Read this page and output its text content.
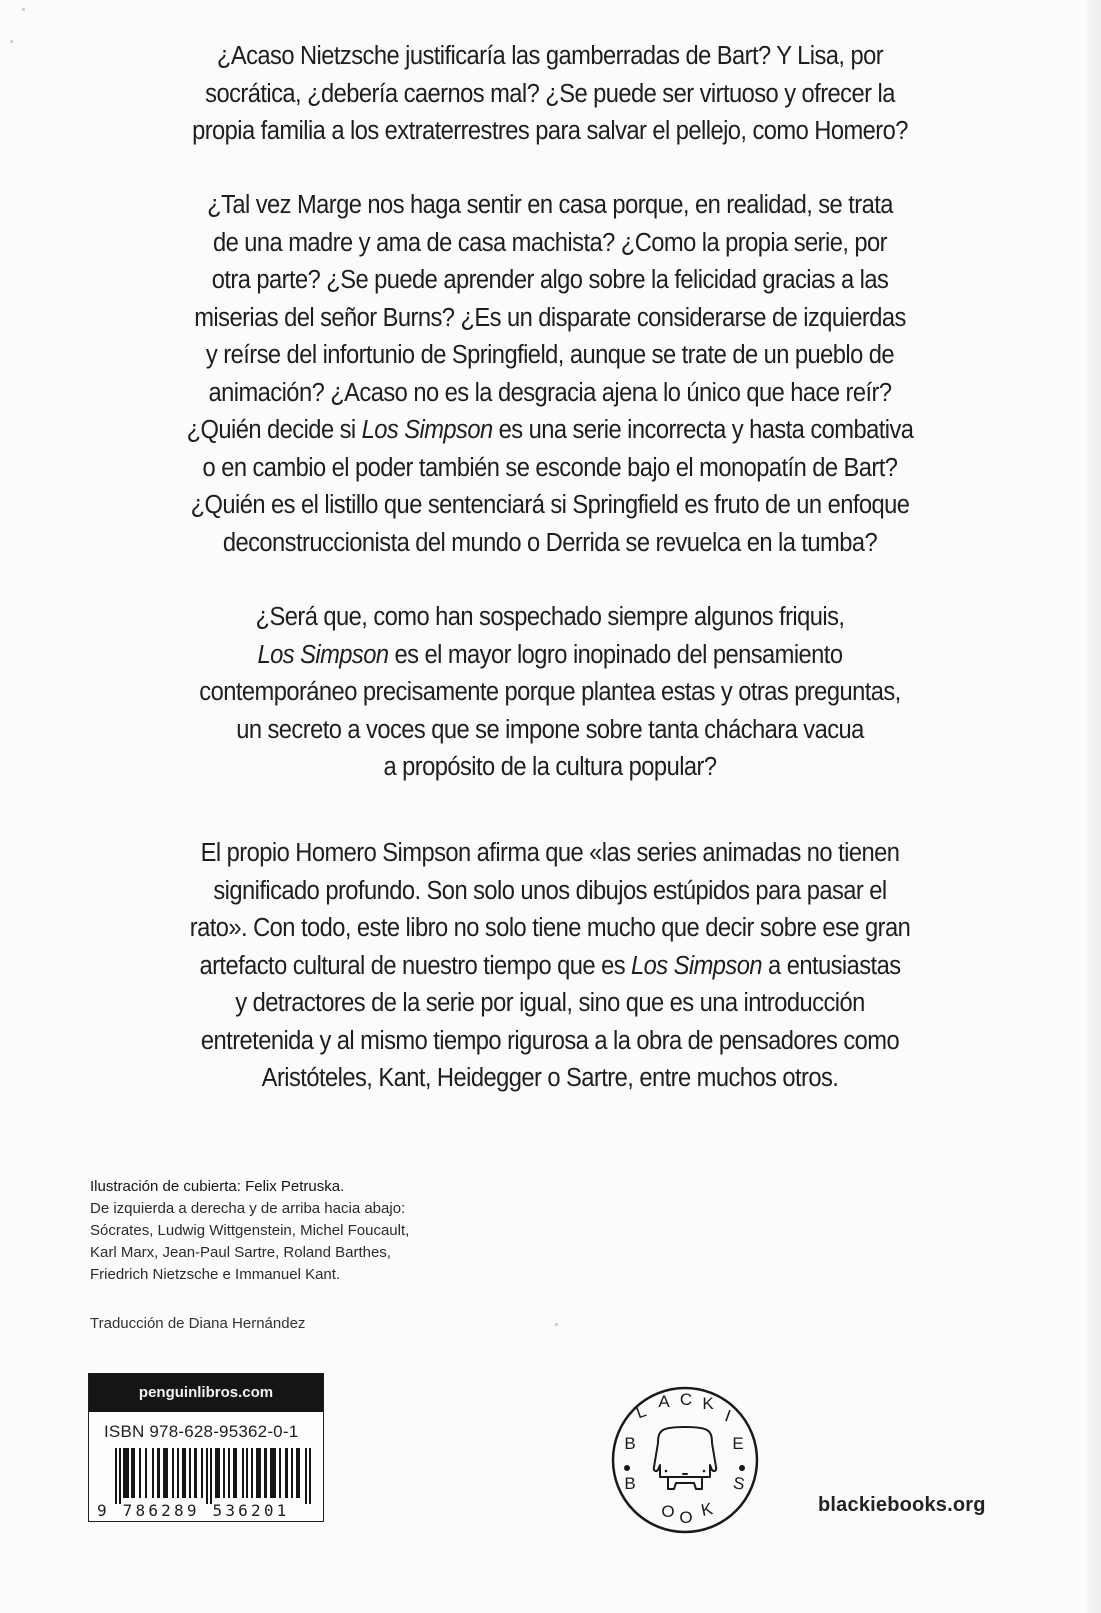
¿Acaso Nietzsche justificaría las gamberradas de Bart? Y Lisa, por
socrática, ¿debería caernos mal? ¿Se puede ser virtuoso y ofrecer la
propia familia a los extraterrestres para salvar el pellejo, como Homero?
¿Tal vez Marge nos haga sentir en casa porque, en realidad, se trata
de una madre y ama de casa machista? ¿Como la propia serie, por
otra parte? ¿Se puede aprender algo sobre la felicidad gracias a las
miserias del señor Burns? ¿Es un disparate considerarse de izquierdas
y reírse del infortunio de Springfield, aunque se trate de un pueblo de
animación? ¿Acaso no es la desgracia ajena lo único que hace reír?
¿Quién decide si Los Simpson es una serie incorrecta y hasta combativa
o en cambio el poder también se esconde bajo el monopatín de Bart?
¿Quién es el listillo que sentenciará si Springfield es fruto de un enfoque
deconstruccionista del mundo o Derrida se revuelca en la tumba?
¿Será que, como han sospechado siempre algunos friquis,
Los Simpson es el mayor logro inopinado del pensamiento
contemporáneo precisamente porque plantea estas y otras preguntas,
un secreto a voces que se impone sobre tanta cháchara vacua
a propósito de la cultura popular?
El propio Homero Simpson afirma que «las series animadas no tienen
significado profundo. Son solo unos dibujos estúpidos para pasar el
rato». Con todo, este libro no solo tiene mucho que decir sobre ese gran
artefacto cultural de nuestro tiempo que es Los Simpson a entusiastas
y detractores de la serie por igual, sino que es una introducción
entretenida y al mismo tiempo rigurosa a la obra de pensadores como
Aristóteles, Kant, Heidegger o Sartre, entre muchos otros.
Ilustración de cubierta: Felix Petruska.
De izquierda a derecha y de arriba hacia abajo:
Sócrates, Ludwig Wittgenstein, Michel Foucault,
Karl Marx, Jean-Paul Sartre, Roland Barthes,
Friedrich Nietzsche e Immanuel Kant.
Traducción de Diana Hernández
penguinlibros.com
ISBN 978-628-95362-0-1
9 786289 536201
L A C K
I
B	E
B	S
O O K	blackiebooks.org
